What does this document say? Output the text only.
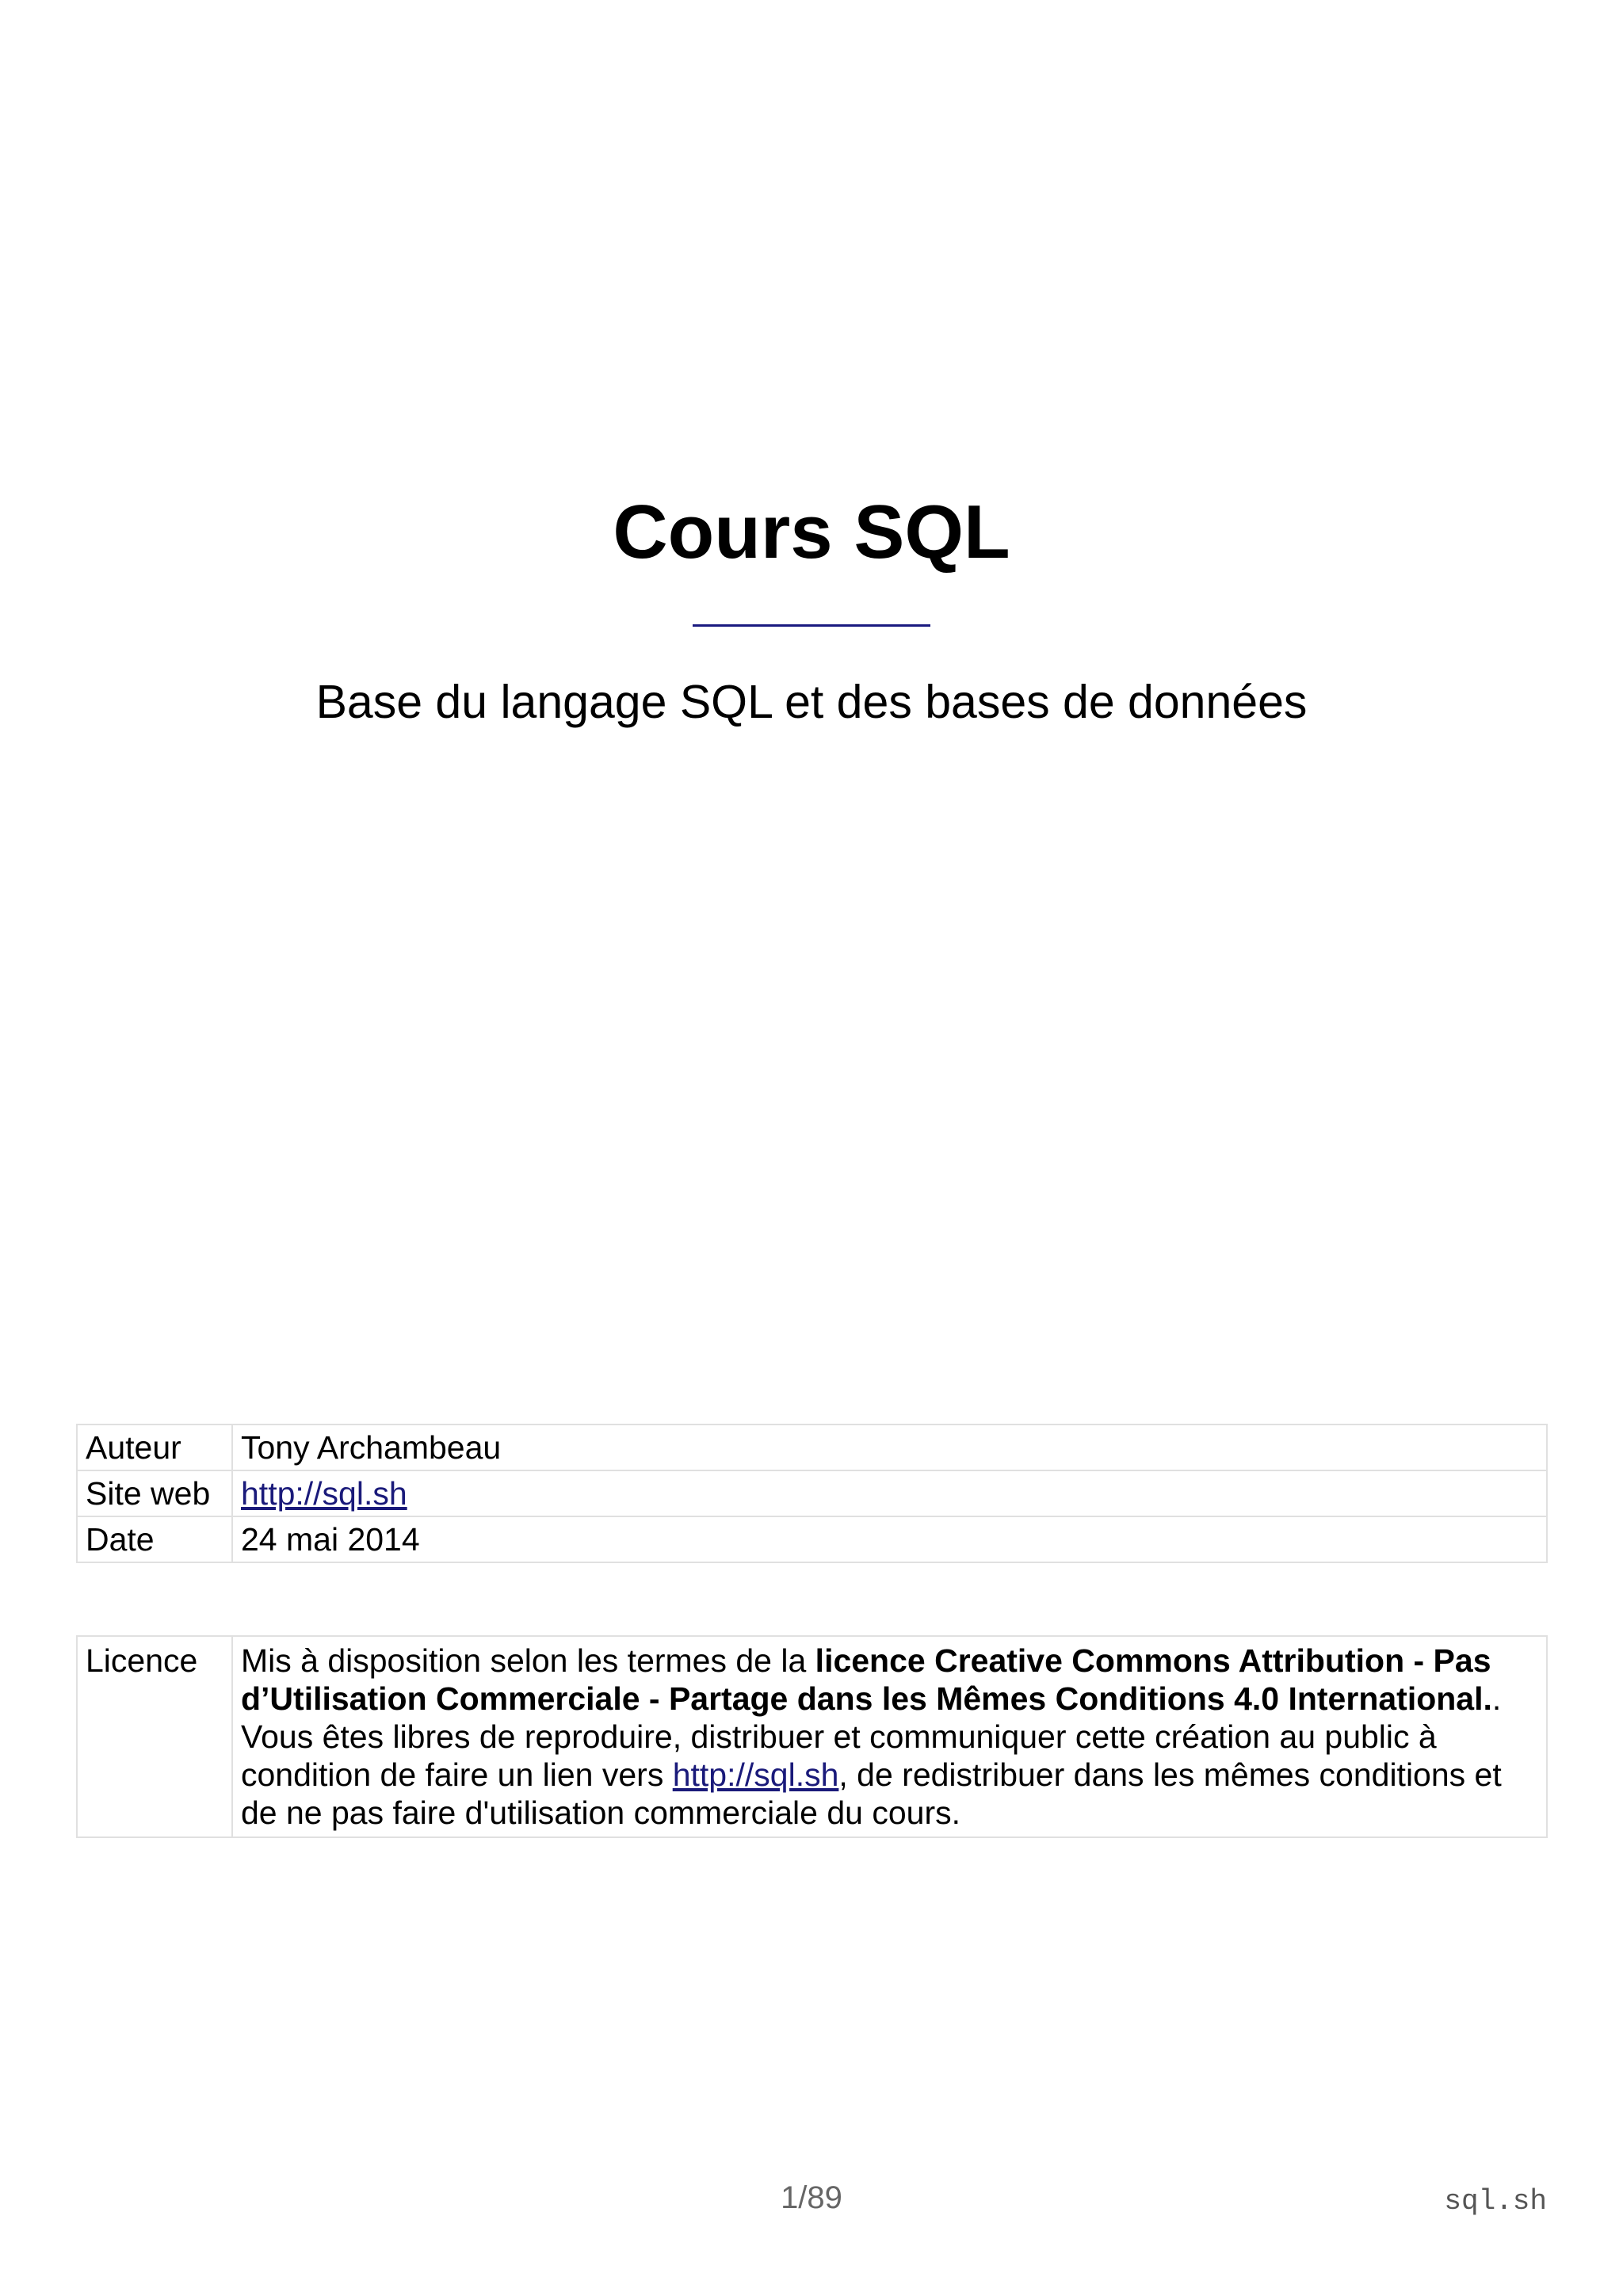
Cours SQL

Base du langage SQL et des bases de données

Auteur	Tony Archambeau
Site web	http://sql.sh
Date	24 mai 2014
Licence	Mis à disposition selon les termes de la licence Creative Commons Attribution - Pas d’Utilisation Commerciale - Partage dans les Mêmes Conditions 4.0 International.. Vous êtes libres de reproduire, distribuer et communiquer cette création au public à condition de faire un lien vers http://sql.sh, de redistribuer dans les mêmes conditions et de ne pas faire d'utilisation commerciale du cours.
1/89	sql.sh
